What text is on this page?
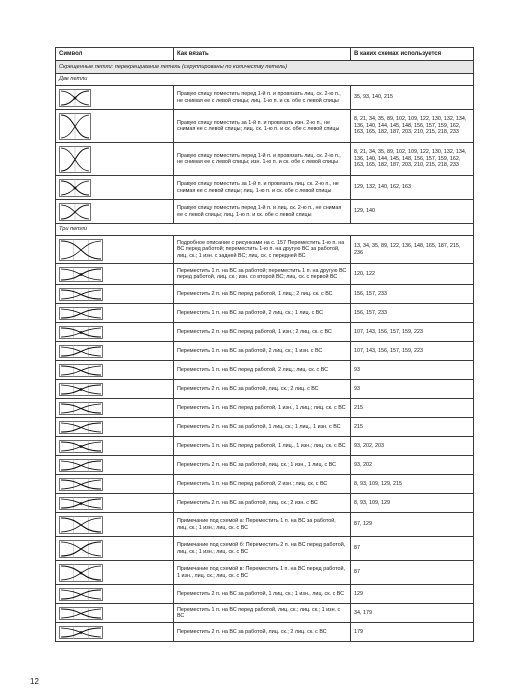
Символ	Как вязать	В каких схемах используется
Скрещенные петли: перекрещивание петель (сгруппированы по количеству петель)		
Две петли		

	Правую спицу поместить перед 1-й п. и провязать лиц. ск. 2-ю п., не снимая ее с левой спицы; лиц. 1-ю п. и ск. обе с левой спицы	35, 93, 140, 215

	Правую спицу поместить за 1-й п. и провязать изн. 2-ю п., не снимая ее с левой спицы; лиц. ск. 1-ю п. и ск. обе с левой спицы	8, 21, 34, 35, 89, 102, 109, 122, 130, 132, 134, 136, 140, 144, 145, 148, 156, 157, 159, 162, 163, 165, 182, 187, 203, 210, 215, 218, 233

	Правую спицу поместить перед 1-й п. и провязать лиц. ск. 2-ю п., не снимая ее с левой спицы; изн. 1-ю п. и ск. обе с левой спицы	8, 21, 34, 35, 89, 102, 109, 122, 130, 132, 134, 136, 140, 144, 145, 148, 156, 157, 159, 162, 163, 165, 182, 187, 203, 210, 215, 218, 233

	Правую спицу поместить за 1-й п. и провязать лиц. ск. 2-ю п., не снимая ее с левой спицы; лиц. 1-ю п. и ск. обе с левой спицы	129, 132, 140, 162, 163

	Правую спицу поместить перед 1-й п. и лиц. ск. 2-ю п., не снимая ее с левой спицы; лиц. 1-ю п. и ск. обе с левой спицы	129, 140
Три петли		

	Подробное описание с рисунками на с. 157 Переместить 1-ю п. на ВС перед работой; переместить 1-ю п. на другую ВС за работой, лиц. ск.; 1 изн. с задней ВС; лиц. ск. с передней ВС	13, 34, 35, 89, 122, 136, 148, 165, 187, 215, 236

	Переместить 1 п. на ВС за работой; переместить 1 п. на другую ВС перед работой, лиц. ск.; изн. со второй ВС; лиц. ск. с первой ВС	120, 122

	Переместить 2 п. на ВС перед работой, 1 лиц.; 2 лиц. ск. с ВС	156, 157, 233

	Переместить 1 п. на ВС за работой, 2 лиц. ск.; 1 лиц. с ВС	156, 157, 233

	Переместить 2 п. на ВС перед работой, 1 изн.; 2 лиц. ск. с ВС	107, 143, 156, 157, 159, 223

	Переместить 1 п. на ВС за работой, 2 лиц. ск.; 1 изн. с ВС	107, 143, 156, 157, 159, 223

	Переместить 1 п. на ВС перед работой, 2 лиц.; лиц. ск. с ВС	93

	Переместить 2 п. на ВС за работой, лиц. ск.; 2 лиц. с ВС	93

	Переместить 1 п. на ВС перед работой, 1 изн., 1 лиц.; лиц. ск. с ВС	215

	Переместить 2 п. на ВС за работой, 1 лиц. ск.; 1 лиц., 1 изн. с ВС	215

	Переместить 1 п. на ВС перед работой, 1 лиц., 1 изн.; лиц. ск. с ВС	93, 202, 203

	Переместить 2 п. на ВС за работой, лиц. ск.; 1 изн., 1 лиц. с ВС	93, 202

	Переместить 1 п. на ВС перед работой, 2 изн.; лиц. ск. с ВС	8, 93, 109, 129, 215

	Переместить 2 п. на ВС за работой, лиц. ск.; 2 изн. с ВС	8, 93, 109, 129

	Примечание под схемой а: Переместить 1 п. на ВС за работой, лиц. ск.; 1 изн.; лиц. ск. с ВС	87, 129

	Примечание под схемой б: Переместить 2 п. на ВС перед работой, лиц. ск.; 1 изн.; лиц. ск. с ВС	87

	Примечание под схемой в: Переместить 1 п. на ВС перед работой, 1 изн., лиц. ск.; лиц. ск. с ВС	87

	Переместить 2 п. на ВС за работой, 1 лиц. ск.; 1 изн., лиц. ск. с ВС	129

	Переместить 1 п. на ВС перед работой, лиц. ск.; лиц. ск.; 1 изн. с ВС	34, 179

	Переместить 2 п. на ВС за работой, лиц. ск.; 2 лиц. ск. с ВС	179
12
